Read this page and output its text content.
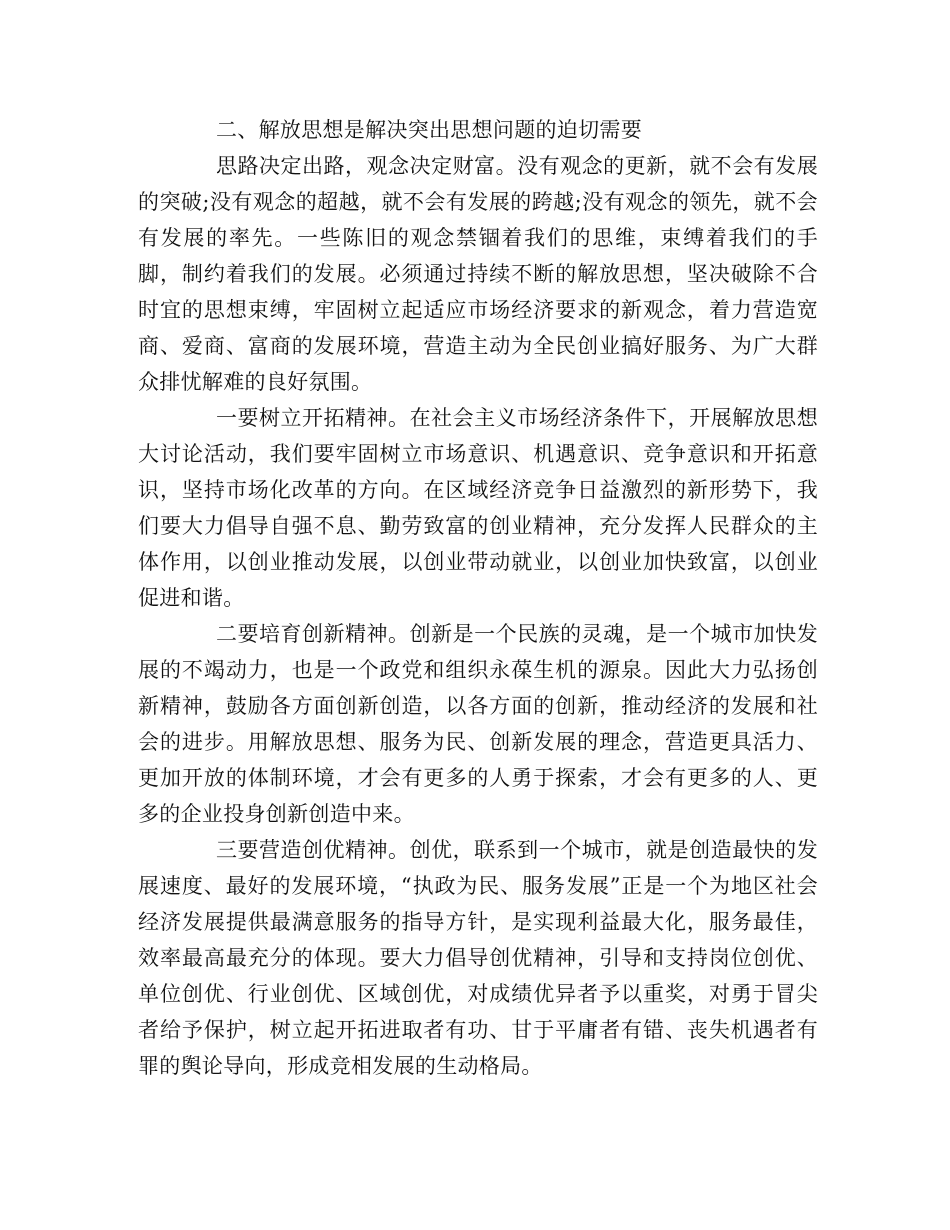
二、解放思想是解决突出思想问题的迫切需要

思路决定出路，观念决定财富。没有观念的更新，就不会有发展的突破;没有观念的超越，就不会有发展的跨越;没有观念的领先，就不会有发展的率先。一些陈旧的观念禁锢着我们的思维，束缚着我们的手脚，制约着我们的发展。必须通过持续不断的解放思想，坚决破除不合时宜的思想束缚，牢固树立起适应市场经济要求的新观念，着力营造宽商、爱商、富商的发展环境，营造主动为全民创业搞好服务、为广大群众排忧解难的良好氛围。

一要树立开拓精神。在社会主义市场经济条件下，开展解放思想大讨论活动，我们要牢固树立市场意识、机遇意识、竞争意识和开拓意识，坚持市场化改革的方向。在区域经济竞争日益激烈的新形势下，我们要大力倡导自强不息、勤劳致富的创业精神，充分发挥人民群众的主体作用，以创业推动发展，以创业带动就业，以创业加快致富，以创业促进和谐。

二要培育创新精神。创新是一个民族的灵魂，是一个城市加快发展的不竭动力，也是一个政党和组织永葆生机的源泉。因此大力弘扬创新精神，鼓励各方面创新创造，以各方面的创新，推动经济的发展和社会的进步。用解放思想、服务为民、创新发展的理念，营造更具活力、更加开放的体制环境，才会有更多的人勇于探索，才会有更多的人、更多的企业投身创新创造中来。

三要营造创优精神。创优，联系到一个城市，就是创造最快的发展速度、最好的发展环境，“执政为民、服务发展”正是一个为地区社会经济发展提供最满意服务的指导方针，是实现利益最大化，服务最佳，效率最高最充分的体现。要大力倡导创优精神，引导和支持岗位创优、单位创优、行业创优、区域创优，对成绩优异者予以重奖，对勇于冒尖者给予保护，树立起开拓进取者有功、甘于平庸者有错、丧失机遇者有罪的舆论导向，形成竞相发展的生动格局。
